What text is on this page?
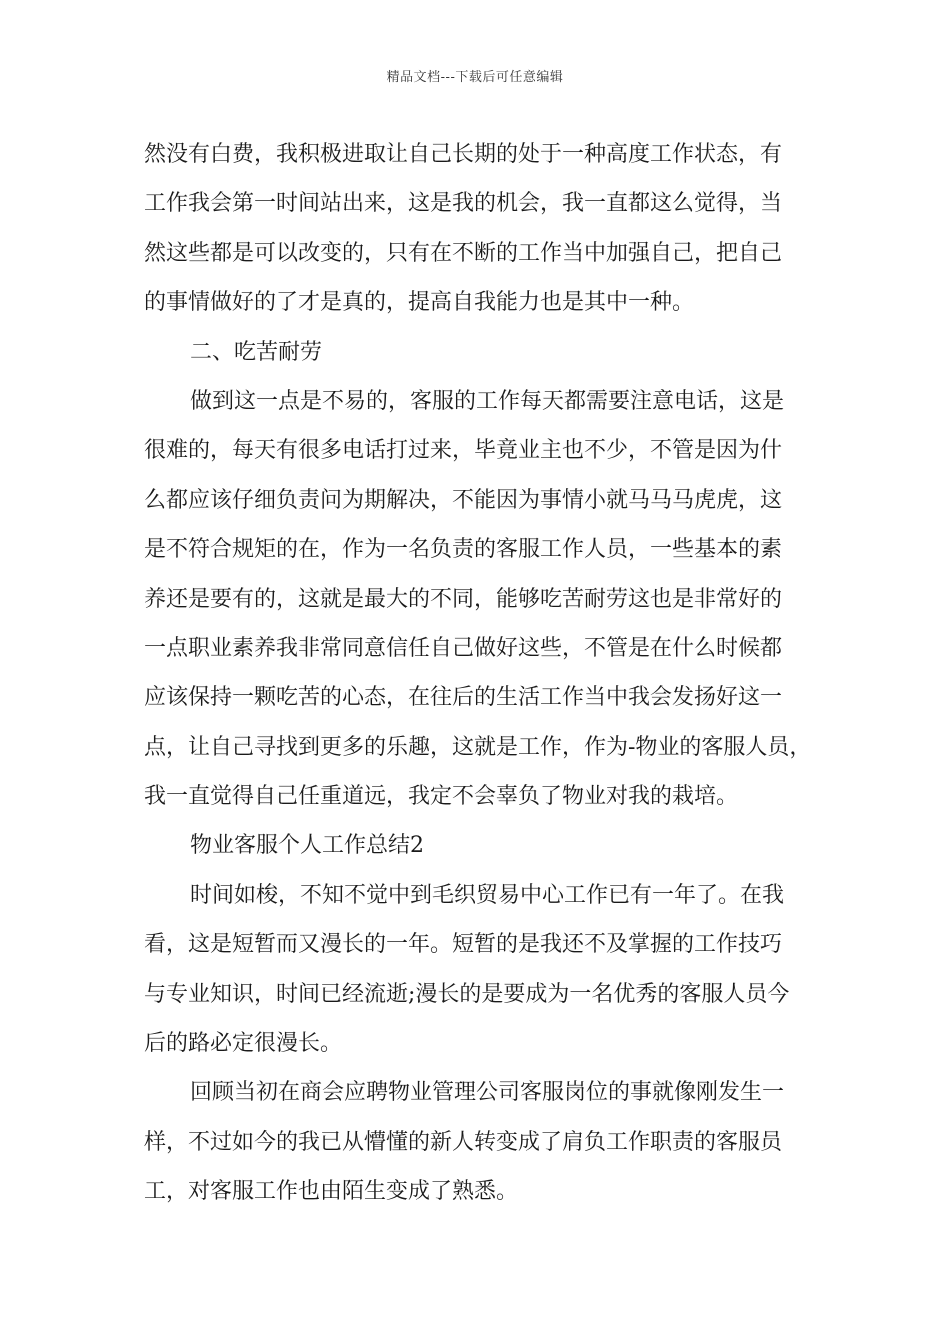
精品文档---下载后可任意编辑
然没有白费，我积极进取让自己长期的处于一种高度工作状态，有
工作我会第一时间站出来，这是我的机会，我一直都这么觉得，当
然这些都是可以改变的，只有在不断的工作当中加强自己，把自己
的事情做好的了才是真的，提高自我能力也是其中一种。
二、吃苦耐劳
做到这一点是不易的，客服的工作每天都需要注意电话，这是
很难的，每天有很多电话打过来，毕竟业主也不少，不管是因为什
么都应该仔细负责问为期解决，不能因为事情小就马马马虎虎，这
是不符合规矩的在，作为一名负责的客服工作人员，一些基本的素
养还是要有的，这就是最大的不同，能够吃苦耐劳这也是非常好的
一点职业素养我非常同意信任自己做好这些，不管是在什么时候都
应该保持一颗吃苦的心态，在往后的生活工作当中我会发扬好这一
点，让自己寻找到更多的乐趣，这就是工作，作为-物业的客服人员，
我一直觉得自己任重道远，我定不会辜负了物业对我的栽培。
物业客服个人工作总结2
时间如梭，不知不觉中到毛织贸易中心工作已有一年了。在我
看，这是短暂而又漫长的一年。短暂的是我还不及掌握的工作技巧
与专业知识，时间已经流逝;漫长的是要成为一名优秀的客服人员今
后的路必定很漫长。
回顾当初在商会应聘物业管理公司客服岗位的事就像刚发生一
样，不过如今的我已从懵懂的新人转变成了肩负工作职责的客服员
工，对客服工作也由陌生变成了熟悉。
